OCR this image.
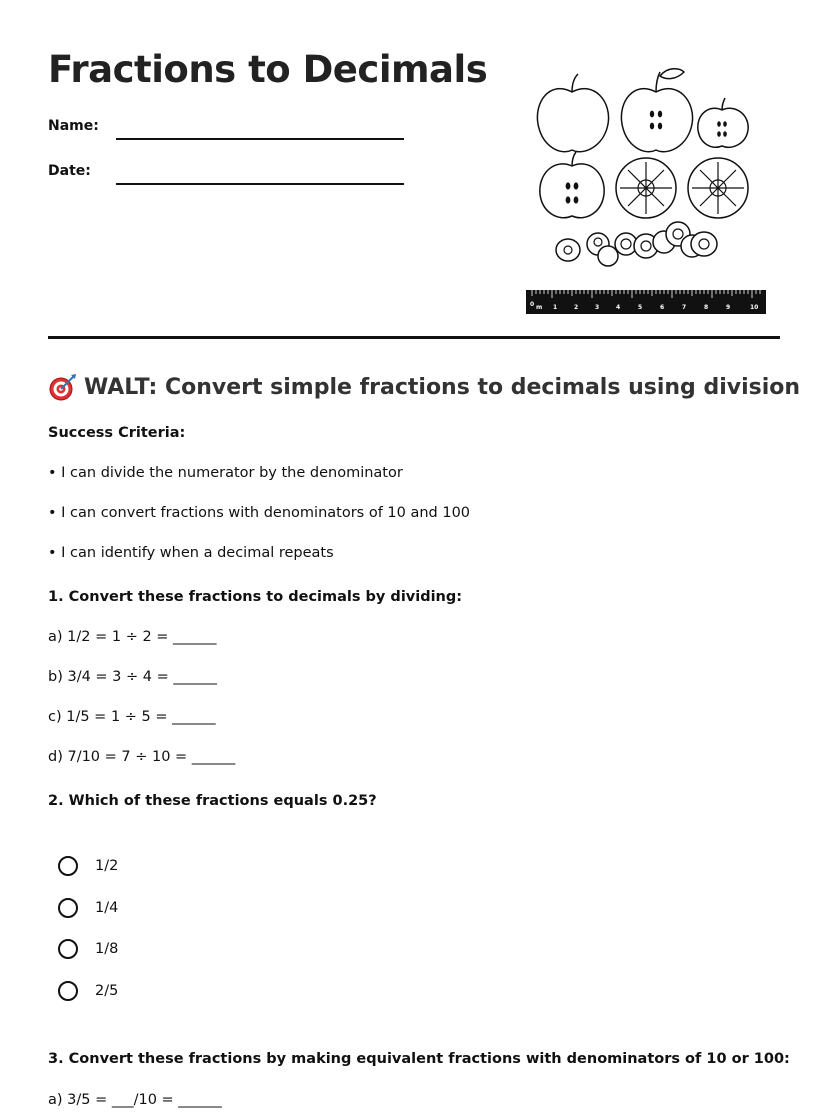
Fractions to Decimals
Name:
Date:
0 m 1	2	3	4	5	6	7	8	9	10
WALT: Convert simple fractions to decimals using division
Success Criteria:
• I can divide the numerator by the denominator
• I can convert fractions with denominators of 10 and 100
• I can identify when a decimal repeats
1. Convert these fractions to decimals by dividing:
a) 1/2 = 1 ÷ 2 = ______
b) 3/4 = 3 ÷ 4 = ______
c) 1/5 = 1 ÷ 5 = ______
d) 7/10 = 7 ÷ 10 = ______
2. Which of these fractions equals 0.25?
1/2
1/4
1/8
2/5
3. Convert these fractions by making equivalent fractions with denominators of 10 or 100:
a) 3/5 = ___/10 = ______
